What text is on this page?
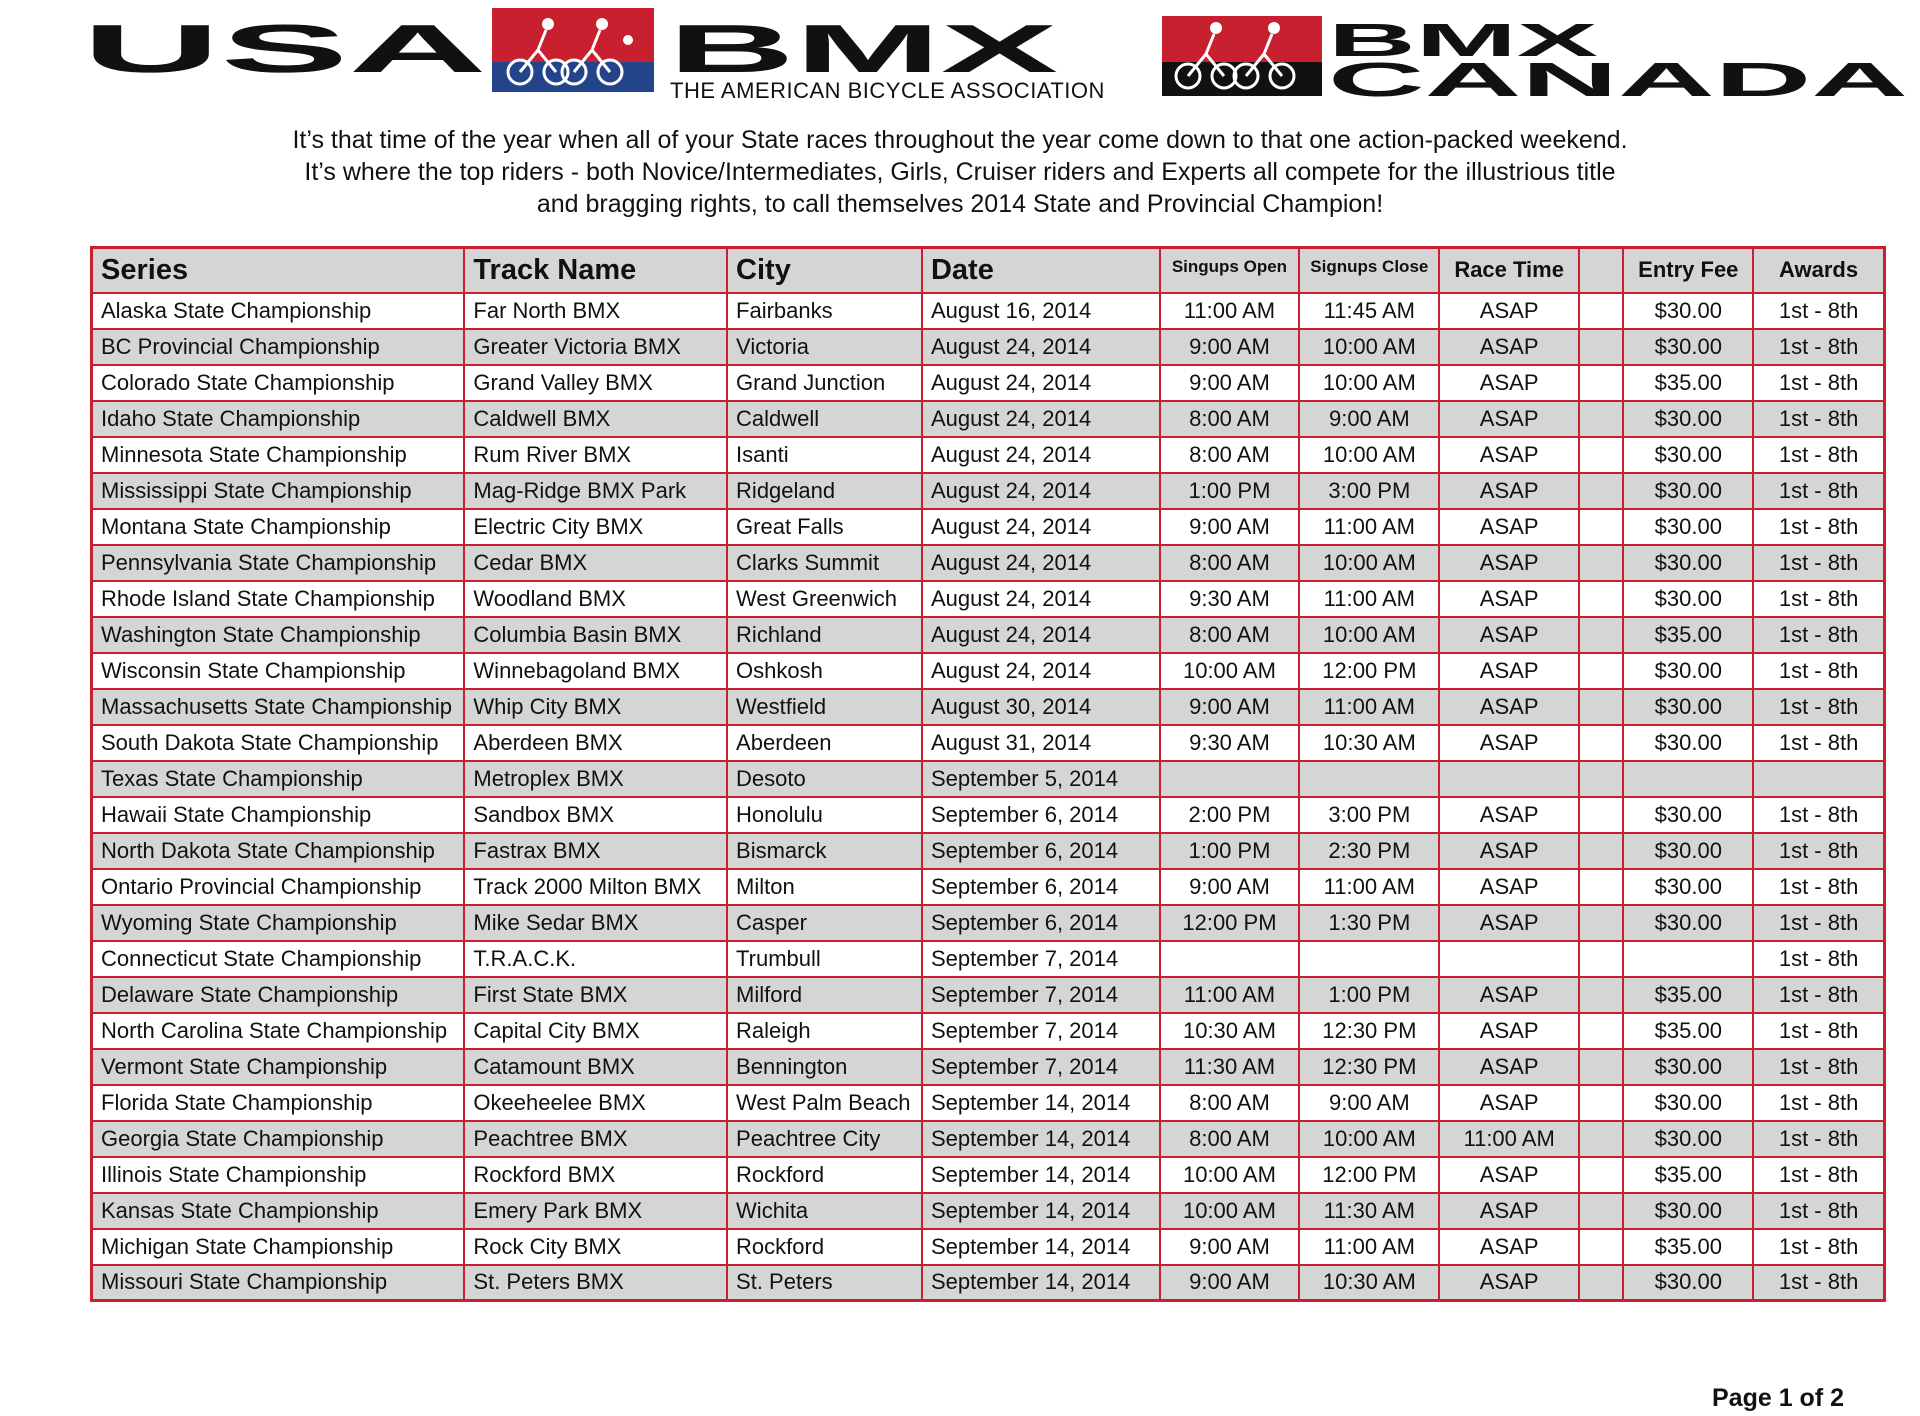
USA	BMX	BMX
CANADA
THE AMERICAN BICYCLE ASSOCIATION
It’s that time of the year when all of your State races throughout the year come down to that one action-packed weekend.
It’s where the top riders - both Novice/Intermediates, Girls, Cruiser riders and Experts all compete for the illustrious title
and bragging rights, to call themselves 2014 State and Provincial Champion!
Series	Track Name	City	Date	Singups Open	Signups Close	Race Time		Entry Fee	Awards
Alaska State Championship	Far North BMX	Fairbanks	August 16, 2014	11:00 AM	11:45 AM	ASAP		$30.00	1st - 8th
BC Provincial Championship	Greater Victoria BMX	Victoria	August 24, 2014	9:00 AM	10:00 AM	ASAP		$30.00	1st - 8th
Colorado State Championship	Grand Valley BMX	Grand Junction	August 24, 2014	9:00 AM	10:00 AM	ASAP		$35.00	1st - 8th
Idaho State Championship	Caldwell BMX	Caldwell	August 24, 2014	8:00 AM	9:00 AM	ASAP		$30.00	1st - 8th
Minnesota State Championship	Rum River BMX	Isanti	August 24, 2014	8:00 AM	10:00 AM	ASAP		$30.00	1st - 8th
Mississippi State Championship	Mag-Ridge BMX Park	Ridgeland	August 24, 2014	1:00 PM	3:00 PM	ASAP		$30.00	1st - 8th
Montana State Championship	Electric City BMX	Great Falls	August 24, 2014	9:00 AM	11:00 AM	ASAP		$30.00	1st - 8th
Pennsylvania State Championship	Cedar BMX	Clarks Summit	August 24, 2014	8:00 AM	10:00 AM	ASAP		$30.00	1st - 8th
Rhode Island State Championship	Woodland BMX	West Greenwich	August 24, 2014	9:30 AM	11:00 AM	ASAP		$30.00	1st - 8th
Washington State Championship	Columbia Basin BMX	Richland	August 24, 2014	8:00 AM	10:00 AM	ASAP		$35.00	1st - 8th
Wisconsin State Championship	Winnebagoland BMX	Oshkosh	August 24, 2014	10:00 AM	12:00 PM	ASAP		$30.00	1st - 8th
Massachusetts State Championship	Whip City BMX	Westfield	August 30, 2014	9:00 AM	11:00 AM	ASAP		$30.00	1st - 8th
South Dakota State Championship	Aberdeen BMX	Aberdeen	August 31, 2014	9:30 AM	10:30 AM	ASAP		$30.00	1st - 8th
Texas State Championship	Metroplex BMX	Desoto	September 5, 2014						
Hawaii State Championship	Sandbox BMX	Honolulu	September 6, 2014	2:00 PM	3:00 PM	ASAP		$30.00	1st - 8th
North Dakota State Championship	Fastrax BMX	Bismarck	September 6, 2014	1:00 PM	2:30 PM	ASAP		$30.00	1st - 8th
Ontario Provincial Championship	Track 2000 Milton BMX	Milton	September 6, 2014	9:00 AM	11:00 AM	ASAP		$30.00	1st - 8th
Wyoming State Championship	Mike Sedar BMX	Casper	September 6, 2014	12:00 PM	1:30 PM	ASAP		$30.00	1st - 8th
Connecticut State Championship	T.R.A.C.K.	Trumbull	September 7, 2014						1st - 8th
Delaware State Championship	First State BMX	Milford	September 7, 2014	11:00 AM	1:00 PM	ASAP		$35.00	1st - 8th
North Carolina State Championship	Capital City BMX	Raleigh	September 7, 2014	10:30 AM	12:30 PM	ASAP		$35.00	1st - 8th
Vermont State Championship	Catamount BMX	Bennington	September 7, 2014	11:30 AM	12:30 PM	ASAP		$30.00	1st - 8th
Florida State Championship	Okeeheelee BMX	West Palm Beach	September 14, 2014	8:00 AM	9:00 AM	ASAP		$30.00	1st - 8th
Georgia State Championship	Peachtree BMX	Peachtree City	September 14, 2014	8:00 AM	10:00 AM	11:00 AM		$30.00	1st - 8th
Illinois State Championship	Rockford BMX	Rockford	September 14, 2014	10:00 AM	12:00 PM	ASAP		$35.00	1st - 8th
Kansas State Championship	Emery Park BMX	Wichita	September 14, 2014	10:00 AM	11:30 AM	ASAP		$30.00	1st - 8th
Michigan State Championship	Rock City BMX	Rockford	September 14, 2014	9:00 AM	11:00 AM	ASAP		$35.00	1st - 8th
Missouri State Championship	St. Peters BMX	St. Peters	September 14, 2014	9:00 AM	10:30 AM	ASAP		$30.00	1st - 8th
Page 1 of 2
